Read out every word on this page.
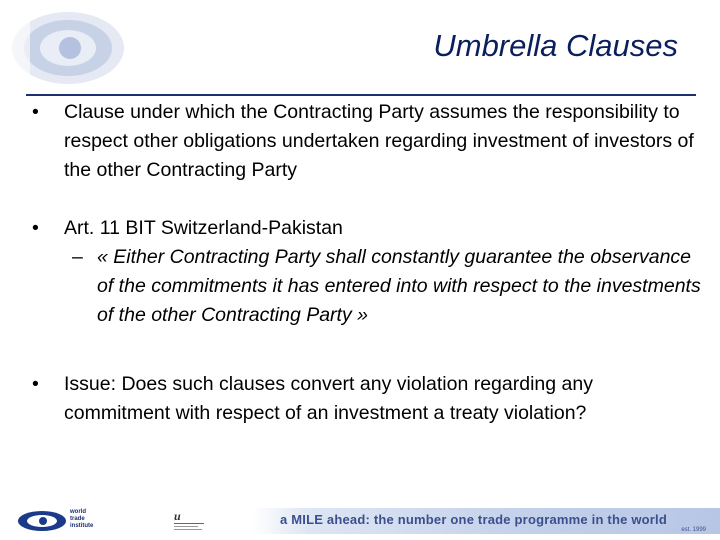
Umbrella Clauses
• Clause under which the Contracting Party assumes the responsibility to respect other obligations undertaken regarding investment of investors of the other Contracting Party
• Art. 11 BIT Switzerland-Pakistan
– « Either Contracting Party shall constantly guarantee the observance of the commitments it has entered into with respect to the investments of the other Contracting Party »
• Issue: Does such clauses convert any violation regarding any commitment with respect of an investment a treaty violation?
world
trade
institute
u	a MILE ahead: the number one trade programme in the world
est. 1999
